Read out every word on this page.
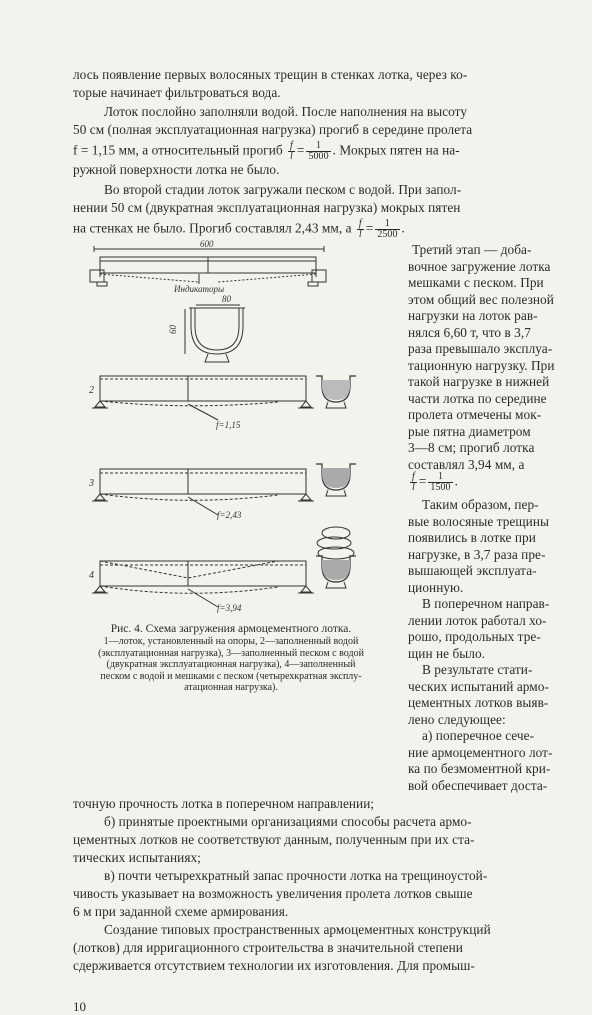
лось появление первых волосяных трещин в стенках лотка, через ко-
торые начинает фильтроваться вода.
Лоток послойно заполняли водой. После наполнения на высоту
50 см (полная эксплуатационная нагрузка) прогиб в середине пролета
f = 1,15 мм, а относительный прогиб $\frac{f}{l} = \frac{1}{5000}$ . Мокрых пятен на на-
ружной поверхности лотка не было.
Во второй стадии лоток загружали песком с водой. При запол-
нении 50 см (двукратная эксплуатационная нагрузка) мокрых пятен
на стенках не было. Прогиб составлял 2,43 мм, а $\frac{f}{l} = \frac{1}{2500}$ .
600
Индикаторы
80
60
2
f=1,15
3
f=2,43
4
f=3,94
Рис. 4. Схема загружения армоцементного лотка.
1—лоток, установленный на опоры, 2—заполненный водой
(эксплуатационная нагрузка), 3—заполненный песком с водой
(двукратная эксплуатационная нагрузка), 4—заполненный
песком с водой и мешками с песком (четырехкратная эксплу-
атационная нагрузка).
Третий этап — добa-
вочное загружение лотка
мешками с песком. При
этом общий вес полезной
нагрузки на лоток рав-
нялся 6,60 т, что в 3,7
раза превышало эксплуа-
тационную нагрузку. При
такой нагрузке в нижней
части лотка по середине
пролета отмечены мок-
рые пятна диаметром
3—8 см; прогиб лотка
составлял 3,94 мм, а
$\frac{f}{l} = \frac{1}{1500}$ .
Таким образом, пер-
вые волосяные трещины
появились в лотке при
нагрузке, в 3,7 раза пре-
вышающей эксплуата-
ционную.
В поперечном направ-
лении лоток работал хо-
рошо, продольных тре-
щин не было.
В результате стати-
ческих испытаний армо-
цементных лотков выяв-
лено следующее:
а) поперечное сече-
ние армоцементного лот-
ка по безмоментной кри-
вой обеспечивает доста-
точную прочность лотка в поперечном направлении;
б) принятые проектными организациями способы расчета армо-
цементных лотков не соответствуют данным, полученным при их ста-
тических испытаниях;
в) почти четырехкратный запас прочности лотка на трещиноустой-
чивость указывает на возможность увеличения пролета лотков свыше
6 м при заданной схеме армирования.
Создание типовых пространственных армоцементных конструкций
(лотков) для ирригационного строительства в значительной степени
сдерживается отсутствием технологии их изготовления. Для промыш-
10
